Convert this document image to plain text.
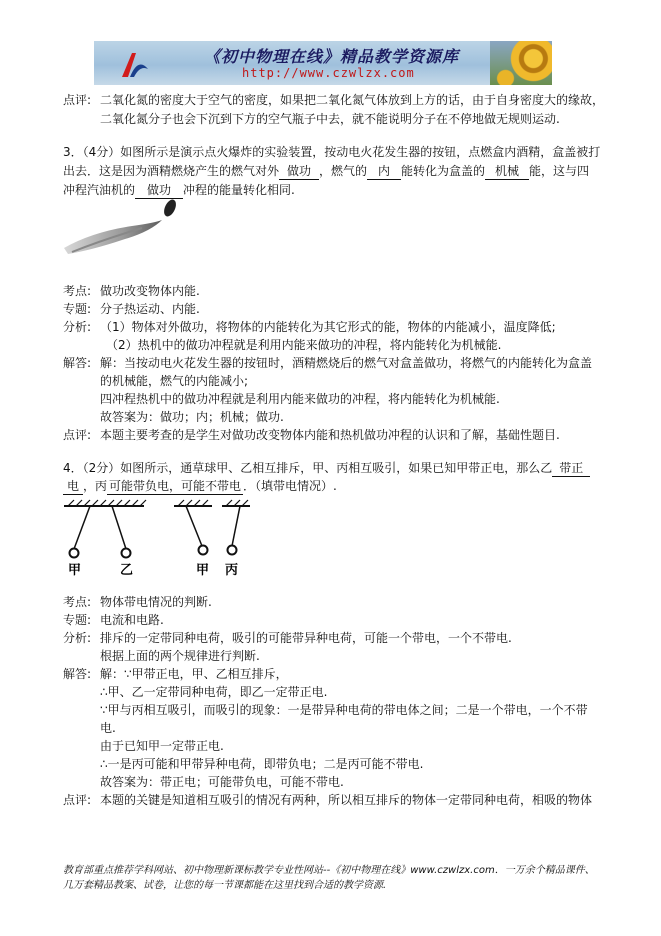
《初中物理在线》精品教学资源库
http://www.czwlzx.com
点评: 二氧化氮的密度大于空气的密度，如果把二氧化氮气体放到上方的话，由于自身密度大的缘故，
二氧化氮分子也会下沉到下方的空气瓶子中去，就不能说明分子在不停地做无规则运动.
3．（4分）如图所示是演示点火爆炸的实验装置，按动电火花发生器的按钮，点燃盒内酒精，盒盖被打
出去．这是因为酒精燃烧产生的燃气对外 做功 ，燃气的 内 能转化为盒盖的 机械 能，这与四
冲程汽油机的 做功 冲程的能量转化相同.
考点: 做功改变物体内能.
专题: 分子热运动、内能.
分析: （1）物体对外做功，将物体的内能转化为其它形式的能，物体的内能减小，温度降低;
（2）热机中的做功冲程就是利用内能来做功的冲程，将内能转化为机械能.
解答: 解：当按动电火花发生器的按钮时，酒精燃烧后的燃气对盒盖做功，将燃气的内能转化为盒盖
的机械能，燃气的内能减小;
四冲程热机中的做功冲程就是利用内能来做功的冲程，将内能转化为机械能.
故答案为：做功；内；机械；做功.
点评: 本题主要考查的是学生对做功改变物体内能和热机做功冲程的认识和了解，基础性题目.
4．（2分）如图所示，通草球甲、乙相互排斥，甲、丙相互吸引，如果已知甲带正电，那么乙 带正
电 ，丙 可能带负电，可能不带电 ．（填带电情况）.
甲	乙	甲 丙
考点: 物体带电情况的判断.
专题: 电流和电路.
分析: 排斥的一定带同种电荷，吸引的可能带异种电荷，可能一个带电，一个不带电.
根据上面的两个规律进行判断.
解答: 解：∵甲带正电，甲、乙相互排斥，
∴甲、乙一定带同种电荷，即乙一定带正电.
∵甲与丙相互吸引，而吸引的现象：一是带异种电荷的带电体之间；二是一个带电，一个不带
电.
由于已知甲一定带正电.
∴一是丙可能和甲带异种电荷，即带负电；二是丙可能不带电.
故答案为：带正电；可能带负电，可能不带电.
点评: 本题的关键是知道相互吸引的情况有两种，所以相互排斥的物体一定带同种电荷，相吸的物体
教育部重点推荐学科网站、初中物理新课标教学专业性网站--《初中物理在线》www.czwlzx.com．一万余个精品课件、
几万套精品教案、试卷，让您的每一节课都能在这里找到合适的教学资源.
